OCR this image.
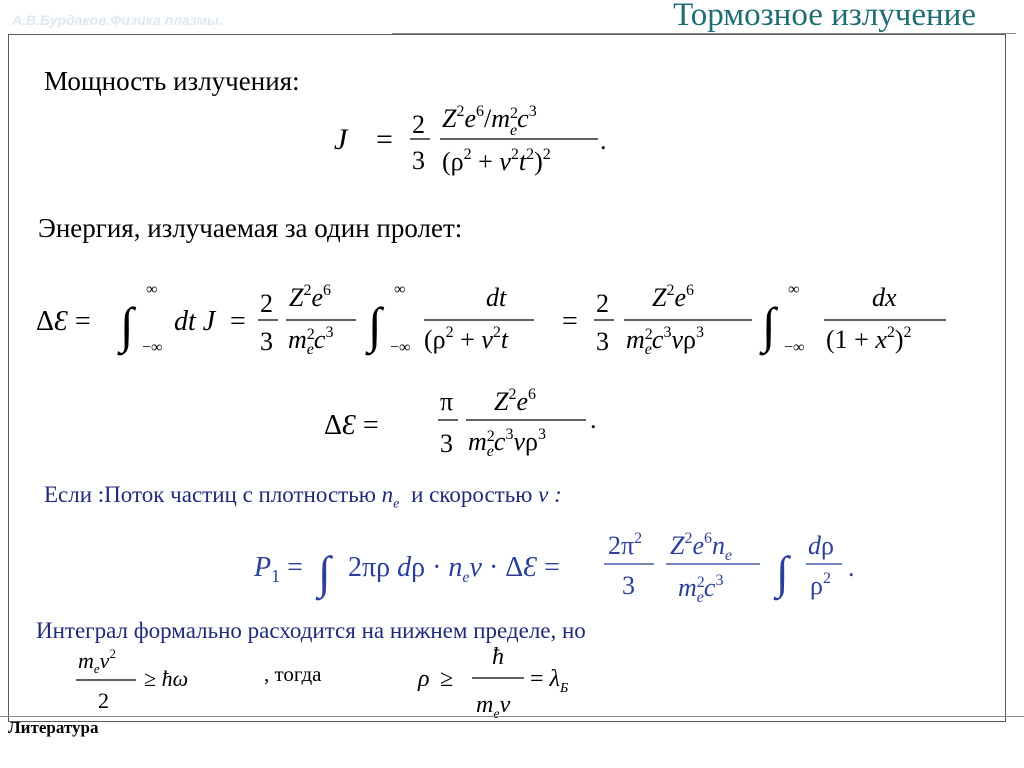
А.В.Бурдаков.Физика плазмы.	Тормозное излучение
Мощность излучения:
Энергия, излучаемая за один пролет:
Если :Поток частиц с плотностью $n_e$ и скоростью v :
Интеграл формально расходится на нижнем пределе, но
, тогда
J = 2
3
$Z^2e^6/m^2$ $ec^3$
$(\rho^2 + v^2t^2)^2$ .
ΔƐ = ∫
∞
−∞
dt J =
2
3
$Z^2e^6$
$m^2$ $ec^3$ ∫
∞
−∞
dt
($\rho^2 + v^2t$
=
2
3
$Z^2e^6$
$m^2$ $ec^3v\rho^3$ ∫
∞
−∞
dx
$(1 + x^2)^2$
ΔƐ =
π
3
$Z^2e^6$
$m^2$ $ec^3v\rho^3$
.
$P_1$ = ∫ 2πρ $d\rho \cdot n_ev$ · ΔƐ =
$2\pi^2$
3
$Z^2e^6n_e$
$m^2$ $ec^3$ ∫
dρ
$\rho^2$ .
$m_ev^2$
2
≥ ħω	ρ ≥
ħ
$m_ev$
= $\lambda_Б$
Литература
